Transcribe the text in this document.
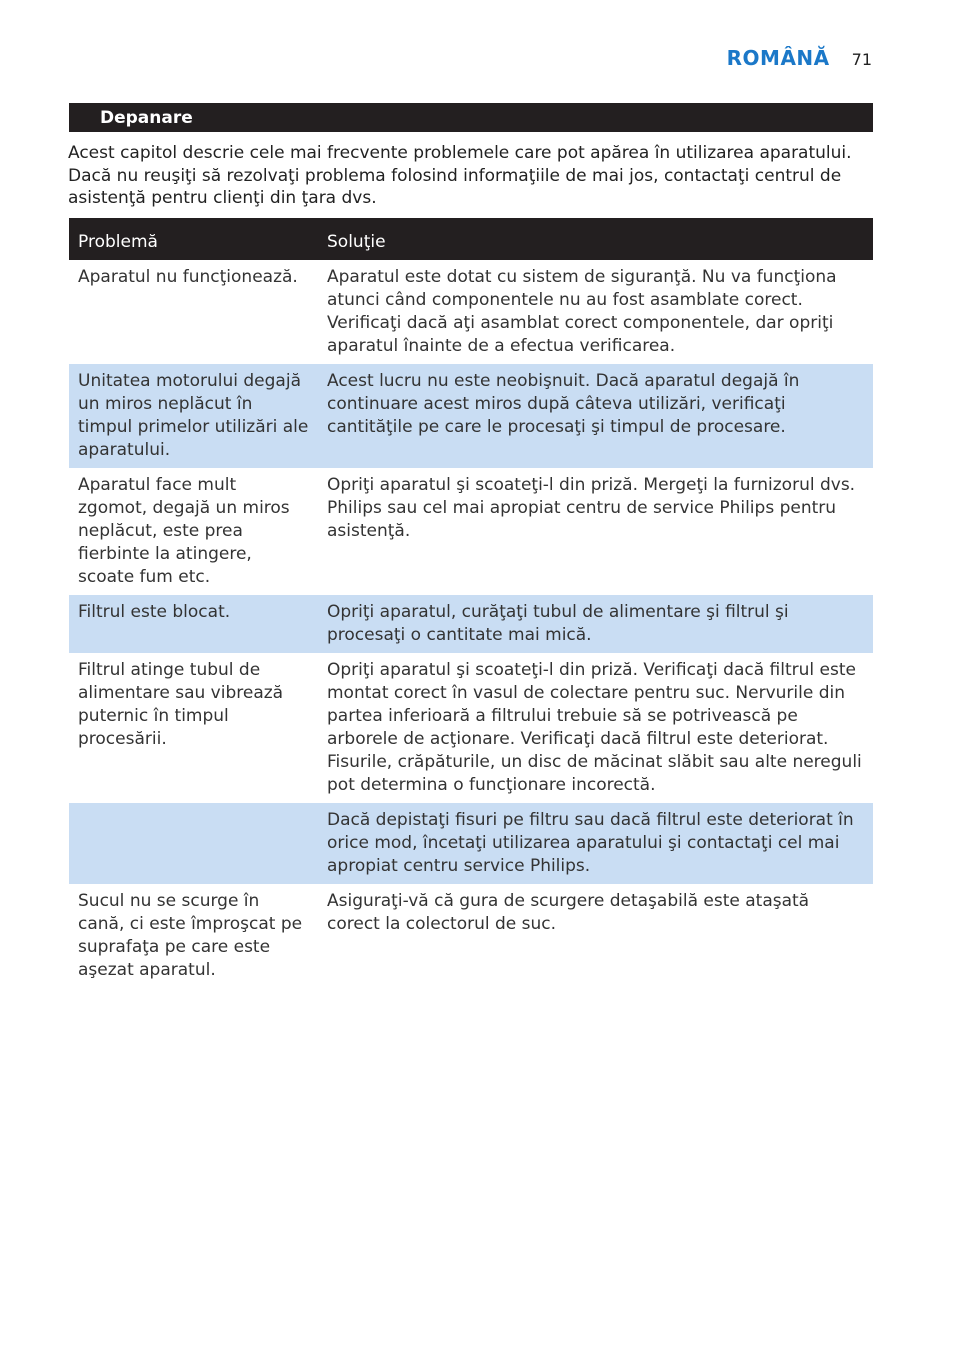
ROMÂNĂ 71
Depanare

Acest capitol descrie cele mai frecvente problemele care pot apărea în utilizarea aparatului. Dacă nu reuşiţi să rezolvaţi problema folosind informaţiile de mai jos, contactaţi centrul de asistenţă pentru clienţi din ţara dvs.

Problemă	Soluţie
Aparatul nu funcţionează.	Aparatul este dotat cu sistem de siguranţă. Nu va funcţiona atunci când componentele nu au fost asamblate corect. Verificaţi dacă aţi asamblat corect componentele, dar opriţi aparatul înainte de a efectua verificarea.
Unitatea motorului degajă un miros neplăcut în timpul primelor utilizări ale aparatului.	Acest lucru nu este neobişnuit. Dacă aparatul degajă în continuare acest miros după câteva utilizări, verificaţi cantităţile pe care le procesaţi şi timpul de procesare.
Aparatul face mult zgomot, degajă un miros neplăcut, este prea fierbinte la atingere, scoate fum etc.	Opriţi aparatul şi scoateţi-l din priză. Mergeţi la furnizorul dvs. Philips sau cel mai apropiat centru de service Philips pentru asistenţă.
Filtrul este blocat.	Opriţi aparatul, curăţaţi tubul de alimentare şi filtrul şi procesaţi o cantitate mai mică.
Filtrul atinge tubul de alimentare sau vibrează puternic în timpul procesării.	Opriţi aparatul şi scoateţi-l din priză. Verificaţi dacă filtrul este montat corect în vasul de colectare pentru suc. Nervurile din partea inferioară a filtrului trebuie să se potrivească pe arborele de acţionare. Verificaţi dacă filtrul este deteriorat. Fisurile, crăpăturile, un disc de măcinat slăbit sau alte nereguli pot determina o funcţionare incorectă.
	Dacă depistaţi fisuri pe filtru sau dacă filtrul este deteriorat în orice mod, încetaţi utilizarea aparatului şi contactaţi cel mai apropiat centru service Philips.
Sucul nu se scurge în cană, ci este împroşcat pe suprafaţa pe care este aşezat aparatul.	Asiguraţi-vă că gura de scurgere detaşabilă este ataşată corect la colectorul de suc.
